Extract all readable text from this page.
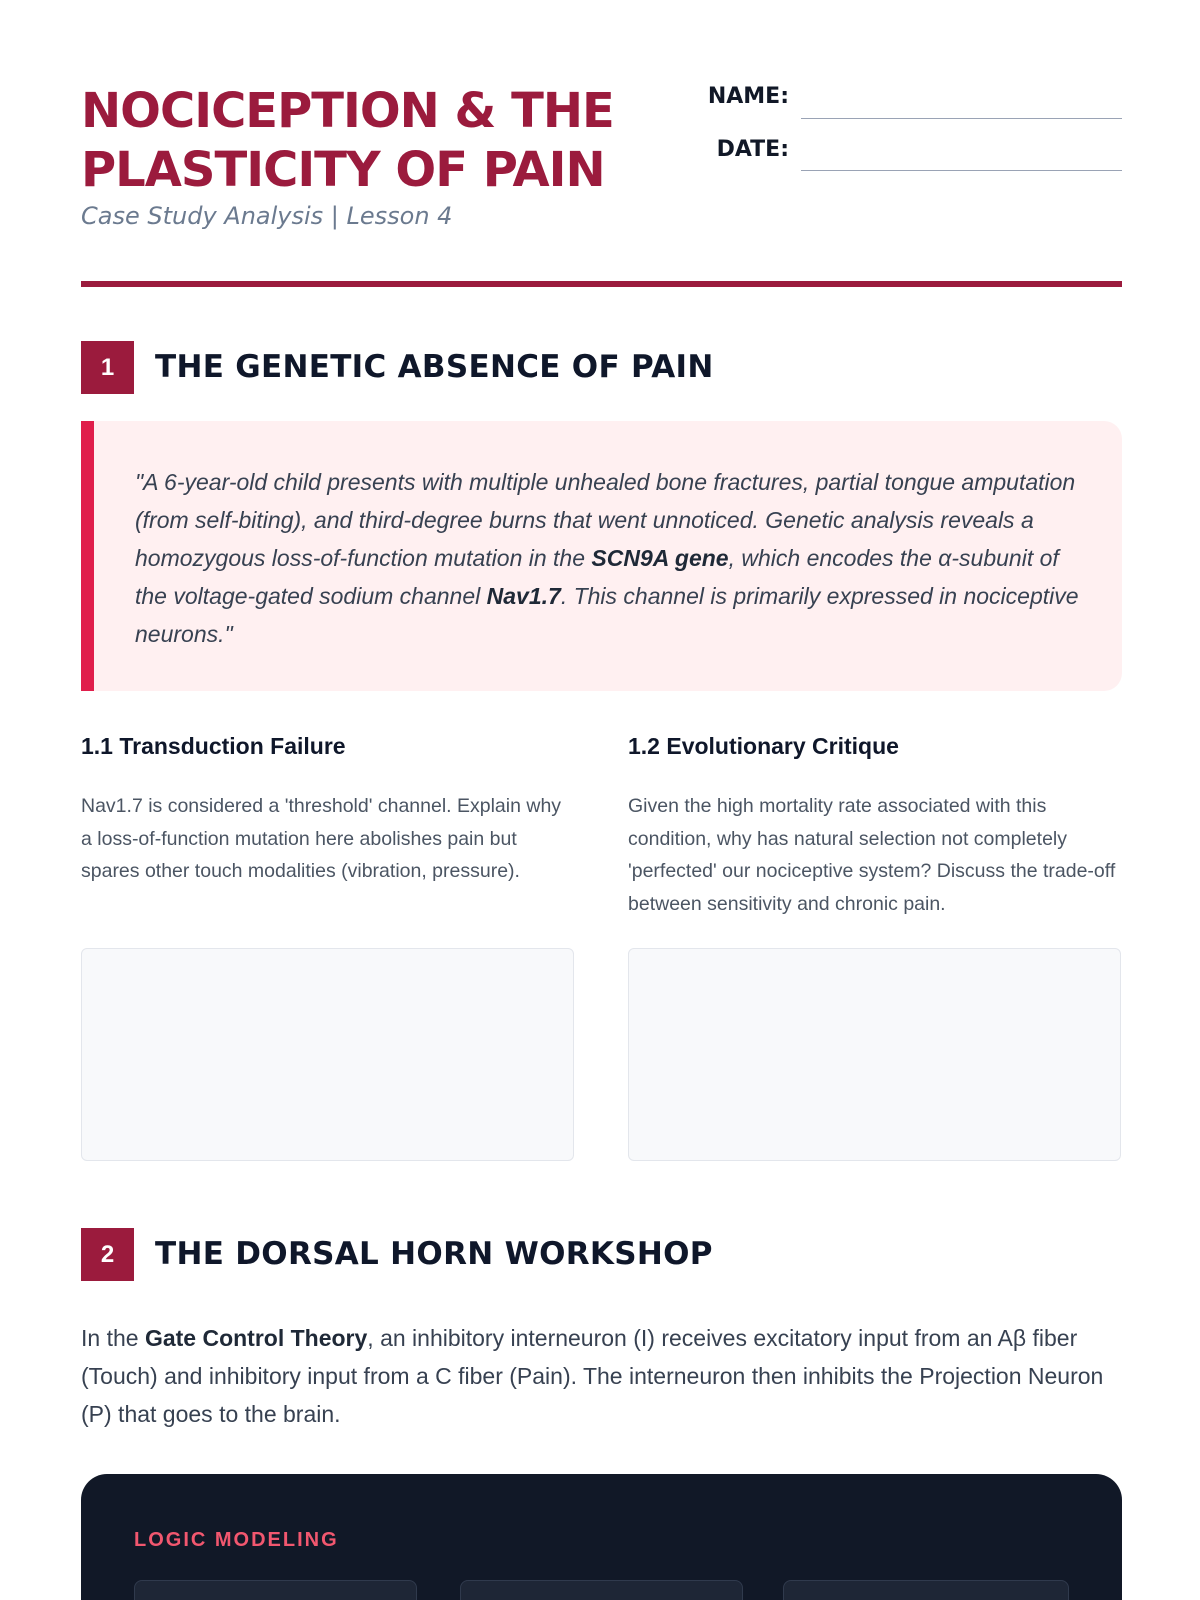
NOCICEPTION & THE
PLASTICITY OF PAIN
Case Study Analysis | Lesson 4
NAME:
DATE:
1	THE GENETIC ABSENCE OF PAIN

"A 6-year-old child presents with multiple unhealed bone fractures, partial tongue amputation (from self-biting), and third-degree burns that went unnoticed. Genetic analysis reveals a homozygous loss-of-function mutation in the SCN9A gene, which encodes the α-subunit of the voltage-gated sodium channel Nav1.7. This channel is primarily expressed in nociceptive neurons."

1.1 Transduction Failure

Nav1.7 is considered a 'threshold' channel. Explain why a loss-of-function mutation here abolishes pain but spares other touch modalities (vibration, pressure).

1.2 Evolutionary Critique

Given the high mortality rate associated with this condition, why has natural selection not completely 'perfected' our nociceptive system? Discuss the trade-off between sensitivity and chronic pain.

2	THE DORSAL HORN WORKSHOP

In the Gate Control Theory, an inhibitory interneuron (I) receives excitatory input from an Aβ fiber (Touch) and inhibitory input from a C fiber (Pain). The interneuron then inhibits the Projection Neuron (P) that goes to the brain.

LOGIC MODELING
